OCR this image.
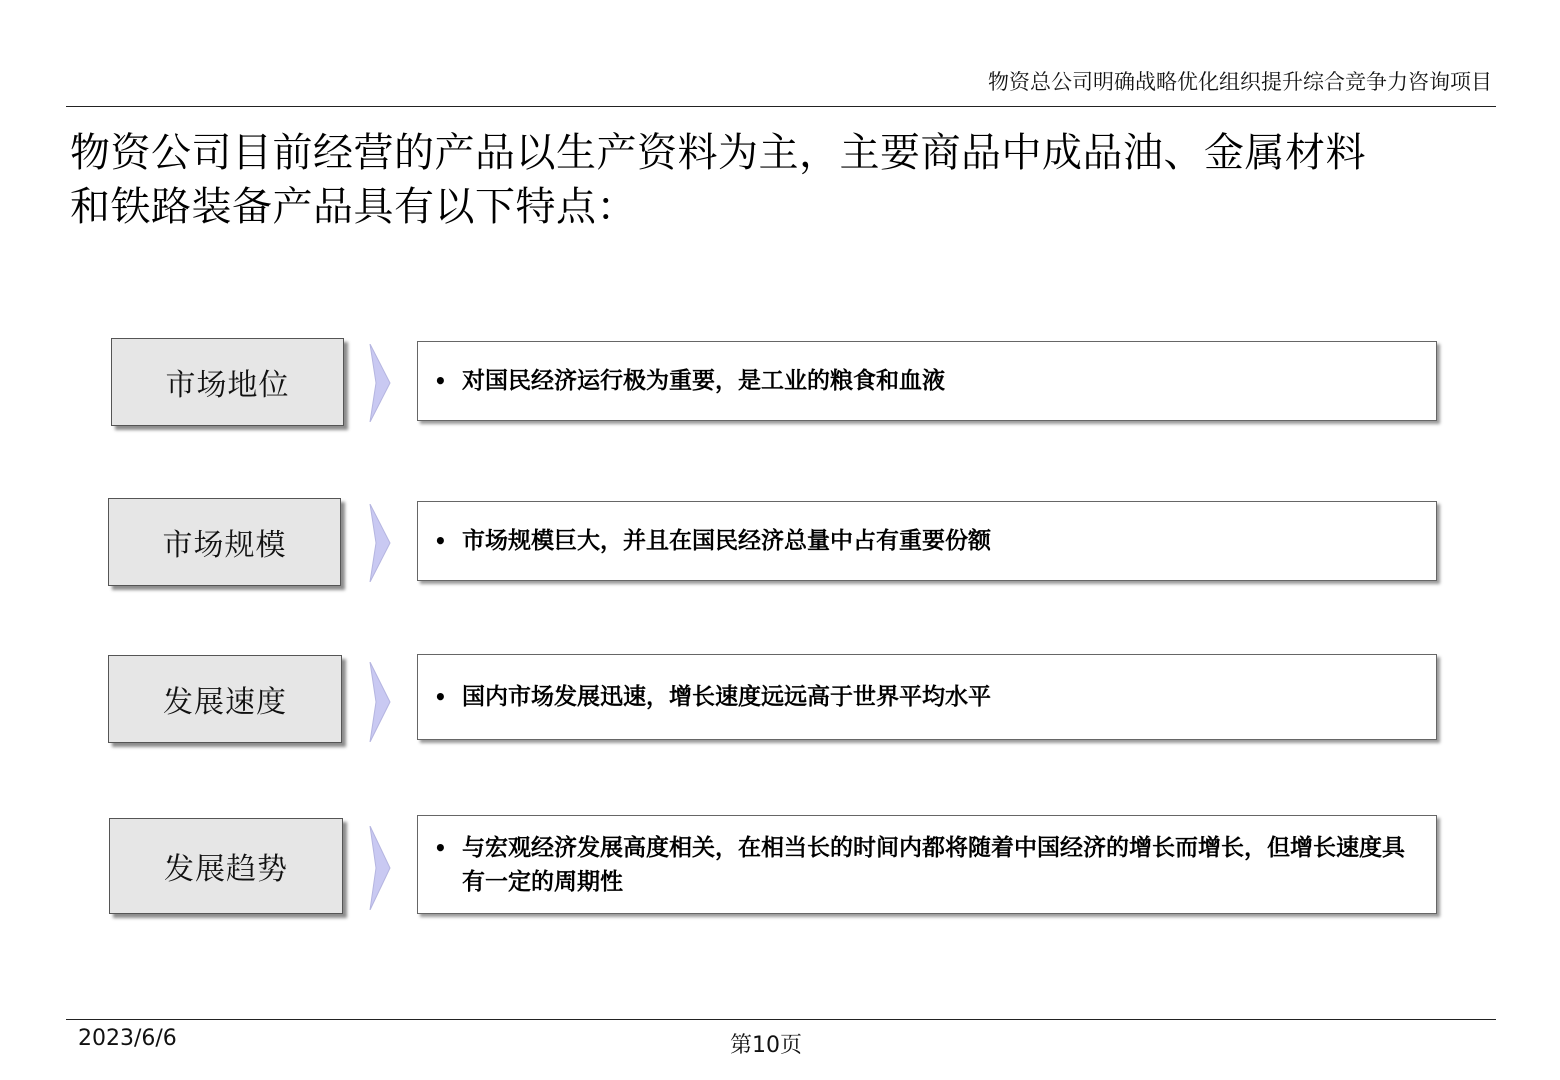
物资总公司明确战略优化组织提升综合竞争力咨询项目
物资公司目前经营的产品以生产资料为主，主要商品中成品油、金属材料
和铁路装备产品具有以下特点：
市场地位	• 对国民经济运行极为重要，是工业的粮食和血液
市场规模	• 市场规模巨大，并且在国民经济总量中占有重要份额
发展速度	• 国内市场发展迅速，增长速度远远高于世界平均水平
发展趋势
• 与宏观经济发展高度相关，在相当长的时间内都将随着中国经济的增长而增长，但增长速度具有一定的周期性
2023/6/6	第10页
